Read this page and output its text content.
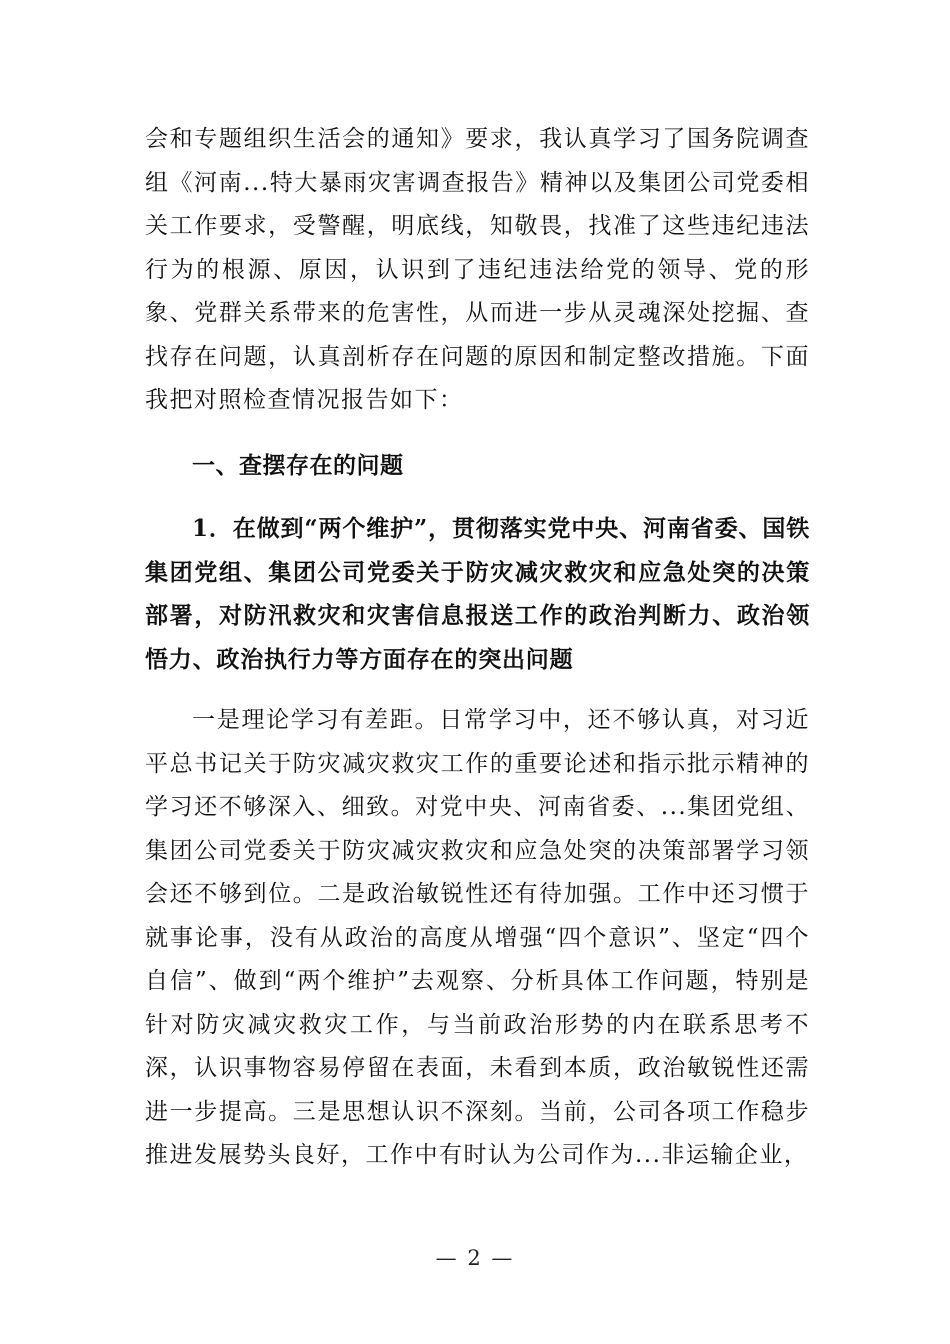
会和专题组织生活会的通知》要求，我认真学习了国务院调查组《河南...特大暴雨灾害调查报告》精神以及集团公司党委相关工作要求，受警醒，明底线，知敬畏，找准了这些违纪违法行为的根源、原因，认识到了违纪违法给党的领导、党的形象、党群关系带来的危害性，从而进一步从灵魂深处挖掘、查找存在问题，认真剖析存在问题的原因和制定整改措施。下面我把对照检查情况报告如下：

一、查摆存在的问题

1．在做到“两个维护”，贯彻落实党中央、河南省委、国铁集团党组、集团公司党委关于防灾减灾救灾和应急处突的决策部署，对防汛救灾和灾害信息报送工作的政治判断力、政治领悟力、政治执行力等方面存在的突出问题

一是理论学习有差距。日常学习中，还不够认真，对习近平总书记关于防灾减灾救灾工作的重要论述和指示批示精神的学习还不够深入、细致。对党中央、河南省委、...集团党组、集团公司党委关于防灾减灾救灾和应急处突的决策部署学习领会还不够到位。二是政治敏锐性还有待加强。工作中还习惯于就事论事，没有从政治的高度从增强“四个意识”、坚定“四个自信”、做到“两个维护”去观察、分析具体工作问题，特别是针对防灾减灾救灾工作，与当前政治形势的内在联系思考不深，认识事物容易停留在表面，未看到本质，政治敏锐性还需进一步提高。三是思想认识不深刻。当前，公司各项工作稳步推进发展势头良好，工作中有时认为公司作为...非运输企业，

— 2 —
